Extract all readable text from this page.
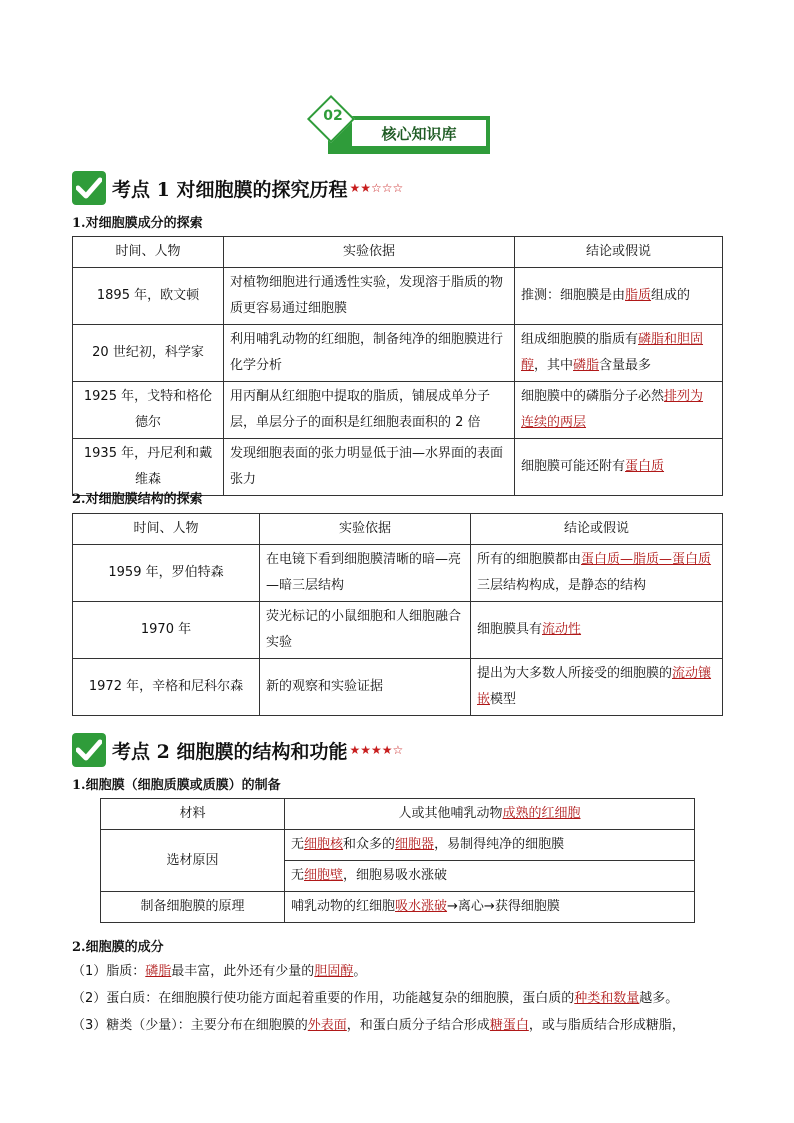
核心知识库
02
考点 1 对细胞膜的探究历程 ★★☆☆☆
1.对细胞膜成分的探索
时间、人物	实验依据	结论或假说
1895 年，欧文顿	对植物细胞进行通透性实验，发现溶于脂质的物质更容易通过细胞膜	推测：细胞膜是由脂质组成的
20 世纪初，科学家	利用哺乳动物的红细胞，制备纯净的细胞膜进行化学分析	组成细胞膜的脂质有磷脂和胆固醇，其中磷脂含量最多
1925 年，戈特和格伦德尔	用丙酮从红细胞中提取的脂质，铺展成单分子层，单层分子的面积是红细胞表面积的 2 倍	细胞膜中的磷脂分子必然排列为连续的两层
1935 年，丹尼利和戴维森	发现细胞表面的张力明显低于油—水界面的表面张力	细胞膜可能还附有蛋白质
2.对细胞膜结构的探索
时间、人物	实验依据	结论或假说
1959 年，罗伯特森	在电镜下看到细胞膜清晰的暗—亮—暗三层结构	所有的细胞膜都由蛋白质—脂质—蛋白质三层结构构成，是静态的结构
1970 年	荧光标记的小鼠细胞和人细胞融合实验	细胞膜具有流动性
1972 年，辛格和尼科尔森	新的观察和实验证据	提出为大多数人所接受的细胞膜的流动镶嵌模型
考点 2 细胞膜的结构和功能 ★★★★☆
1.细胞膜（细胞质膜或质膜）的制备
材料	人或其他哺乳动物成熟的红细胞
选材原因	无细胞核和众多的细胞器，易制得纯净的细胞膜
	无细胞壁，细胞易吸水涨破
制备细胞膜的原理	哺乳动物的红细胞吸水涨破→离心→获得细胞膜
2.细胞膜的成分
（1）脂质：磷脂最丰富，此外还有少量的胆固醇。
（2）蛋白质：在细胞膜行使功能方面起着重要的作用，功能越复杂的细胞膜，蛋白质的种类和数量越多。
（3）糖类（少量）：主要分布在细胞膜的外表面，和蛋白质分子结合形成糖蛋白，或与脂质结合形成糖脂，
